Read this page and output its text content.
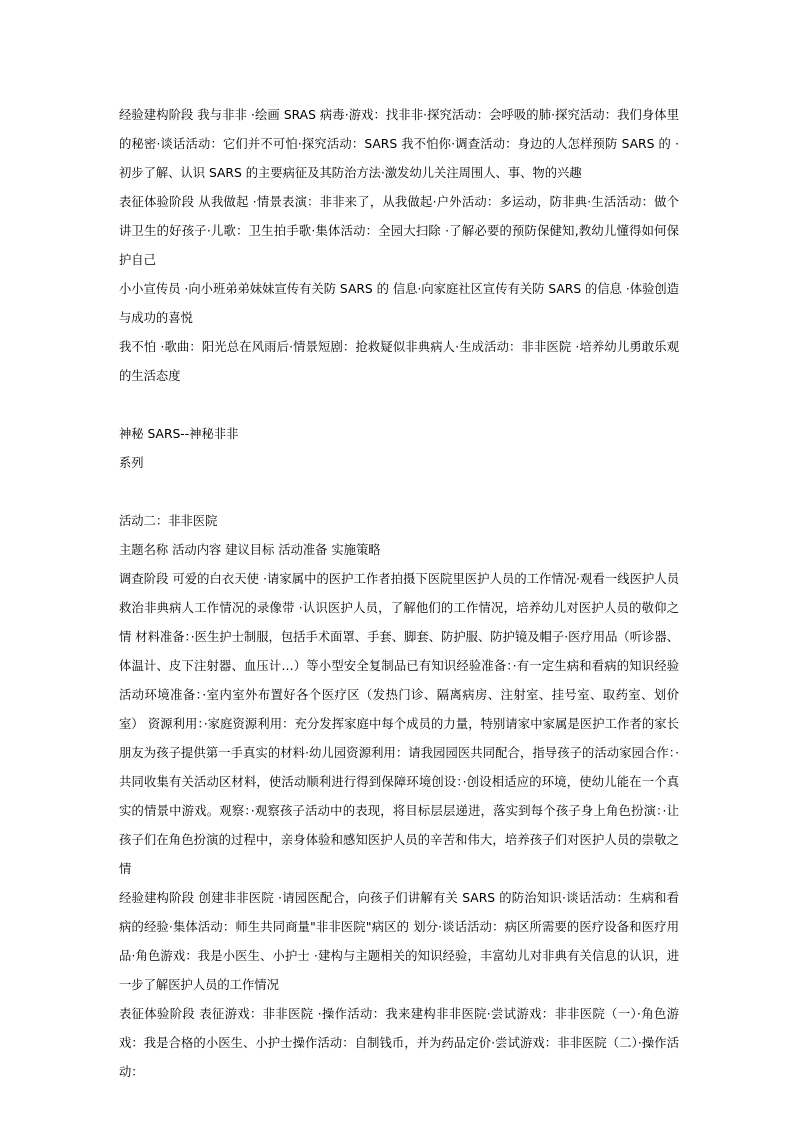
经验建构阶段 我与非非 ·绘画 SRAS 病毒·游戏：找非非·探究活动：会呼吸的肺·探究活动：我们身体里的秘密·谈话活动：它们并不可怕·探究活动：SARS 我不怕你·调查活动：身边的人怎样预防 SARS 的 ·初步了解、认识 SARS 的主要病征及其防治方法·激发幼儿关注周围人、事、物的兴趣

表征体验阶段 从我做起 ·情景表演：非非来了，从我做起·户外活动：多运动，防非典·生活活动：做个讲卫生的好孩子·儿歌：卫生拍手歌·集体活动：全园大扫除 ·了解必要的预防保健知,教幼儿懂得如何保护自己

小小宣传员 ·向小班弟弟妹妹宣传有关防 SARS 的 信息·向家庭社区宣传有关防 SARS 的信息 ·体验创造与成功的喜悦

我不怕 ·歌曲：阳光总在风雨后·情景短剧：抢救疑似非典病人·生成活动：非非医院 ·培养幼儿勇敢乐观的生活态度

神秘 SARS--神秘非非

系列

活动二：非非医院

主题名称 活动内容 建议目标 活动准备 实施策略

调查阶段 可爱的白衣天使 ·请家属中的医护工作者拍摄下医院里医护人员的工作情况·观看一线医护人员救治非典病人工作情况的录像带 ·认识医护人员，了解他们的工作情况，培养幼儿对医护人员的敬仰之情 材料准备：·医生护士制服，包括手术面罩、手套、脚套、防护服、防护镜及帽子·医疗用品（听诊器、体温计、皮下注射器、血压计…）等小型安全复制品已有知识经验准备：·有一定生病和看病的知识经验活动环境准备：·室内室外布置好各个医疗区（发热门诊、隔离病房、注射室、挂号室、取药室、划价室） 资源利用：·家庭资源利用：充分发挥家庭中每个成员的力量，特别请家中家属是医护工作者的家长朋友为孩子提供第一手真实的材料·幼儿园资源利用：请我园园医共同配合，指导孩子的活动家园合作：·共同收集有关活动区材料，使活动顺利进行得到保障环境创设：·创设相适应的环境，使幼儿能在一个真实的情景中游戏。观察：·观察孩子活动中的表现，将目标层层递进，落实到每个孩子身上角色扮演：·让孩子们在角色扮演的过程中，亲身体验和感知医护人员的辛苦和伟大，培养孩子们对医护人员的崇敬之情

经验建构阶段 创建非非医院 ·请园医配合，向孩子们讲解有关 SARS 的防治知识·谈话活动：生病和看病的经验·集体活动：师生共同商量"非非医院"病区的 划分·谈话活动：病区所需要的医疗设备和医疗用品·角色游戏：我是小医生、小护士 ·建构与主题相关的知识经验，丰富幼儿对非典有关信息的认识，进一步了解医护人员的工作情况

表征体验阶段 表征游戏：非非医院 ·操作活动：我来建构非非医院·尝试游戏：非非医院（一）·角色游戏：我是合格的小医生、小护士操作活动：自制钱币，并为药品定价·尝试游戏：非非医院（二）·操作活动：
